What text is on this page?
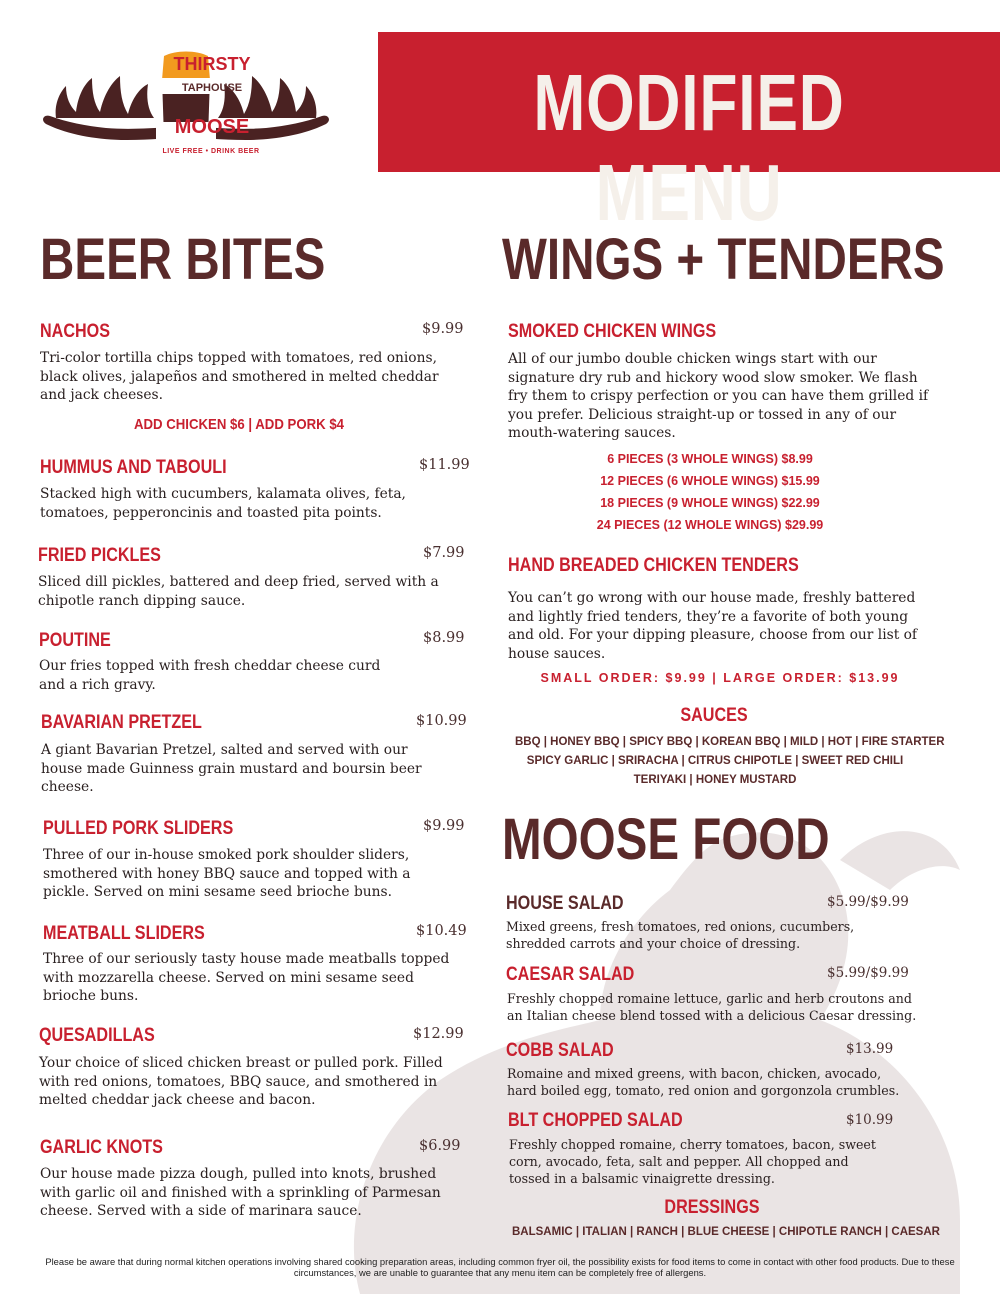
THIRSTY
TAPHOUSE
MOOSE
LIVE FREE • DRINK BEER
MODIFIED MENU
BEER BITES	WINGS + TENDERS
MOOSE FOOD
NACHOS	$9.99
Tri-color tortilla chips topped with tomatoes, red onions, black olives, jalapeños and smothered in melted cheddar and jack cheeses.
ADD CHICKEN $6 | ADD PORK $4
HUMMUS AND TABOULI	$11.99
Stacked high with cucumbers, kalamata olives, feta, tomatoes, pepperoncinis and toasted pita points.
FRIED PICKLES	$7.99
Sliced dill pickles, battered and deep fried, served with a chipotle ranch dipping sauce.
POUTINE	$8.99
Our fries topped with fresh cheddar cheese curd and a rich gravy.
BAVARIAN PRETZEL	$10.99
A giant Bavarian Pretzel, salted and served with our house made Guinness grain mustard and boursin beer cheese.
PULLED PORK SLIDERS	$9.99
Three of our in-house smoked pork shoulder sliders, smothered with honey BBQ sauce and topped with a pickle. Served on mini sesame seed brioche buns.
MEATBALL SLIDERS	$10.49
Three of our seriously tasty house made meatballs topped with mozzarella cheese. Served on mini sesame seed brioche buns.
QUESADILLAS	$12.99
Your choice of sliced chicken breast or pulled pork. Filled with red onions, tomatoes, BBQ sauce, and smothered in melted cheddar jack cheese and bacon.
GARLIC KNOTS	$6.99
Our house made pizza dough, pulled into knots, brushed with garlic oil and finished with a sprinkling of Parmesan cheese. Served with a side of marinara sauce.
SMOKED CHICKEN WINGS
All of our jumbo double chicken wings start with our signature dry rub and hickory wood slow smoker. We flash fry them to crispy perfection or you can have them grilled if you prefer. Delicious straight-up or tossed in any of our mouth-watering sauces.
6 PIECES (3 WHOLE WINGS) $8.99
12 PIECES (6 WHOLE WINGS) $15.99
18 PIECES (9 WHOLE WINGS) $22.99
24 PIECES (12 WHOLE WINGS) $29.99
HAND BREADED CHICKEN TENDERS
You can’t go wrong with our house made, freshly battered and lightly fried tenders, they’re a favorite of both young and old. For your dipping pleasure, choose from our list of house sauces.
SMALL ORDER: $9.99 | LARGE ORDER: $13.99
SAUCES
BBQ | HONEY BBQ | SPICY BBQ | KOREAN BBQ | MILD | HOT | FIRE STARTER
SPICY GARLIC | SRIRACHA | CITRUS CHIPOTLE | SWEET RED CHILI
TERIYAKI | HONEY MUSTARD
HOUSE SALAD	$5.99/$9.99
Mixed greens, fresh tomatoes, red onions, cucumbers, shredded carrots and your choice of dressing.
CAESAR SALAD	$5.99/$9.99
Freshly chopped romaine lettuce, garlic and herb croutons and an Italian cheese blend tossed with a delicious Caesar dressing.
COBB SALAD	$13.99
Romaine and mixed greens, with bacon, chicken, avocado, hard boiled egg, tomato, red onion and gorgonzola crumbles.
BLT CHOPPED SALAD	$10.99
Freshly chopped romaine, cherry tomatoes, bacon, sweet corn, avocado, feta, salt and pepper. All chopped and tossed in a balsamic vinaigrette dressing.
DRESSINGS
BALSAMIC | ITALIAN | RANCH | BLUE CHEESE | CHIPOTLE RANCH | CAESAR
Please be aware that during normal kitchen operations involving shared cooking preparation areas, including common fryer oil, the possibility exists for food items to come in contact with other food products. Due to these circumstances, we are unable to guarantee that any menu item can be completely free of allergens.
